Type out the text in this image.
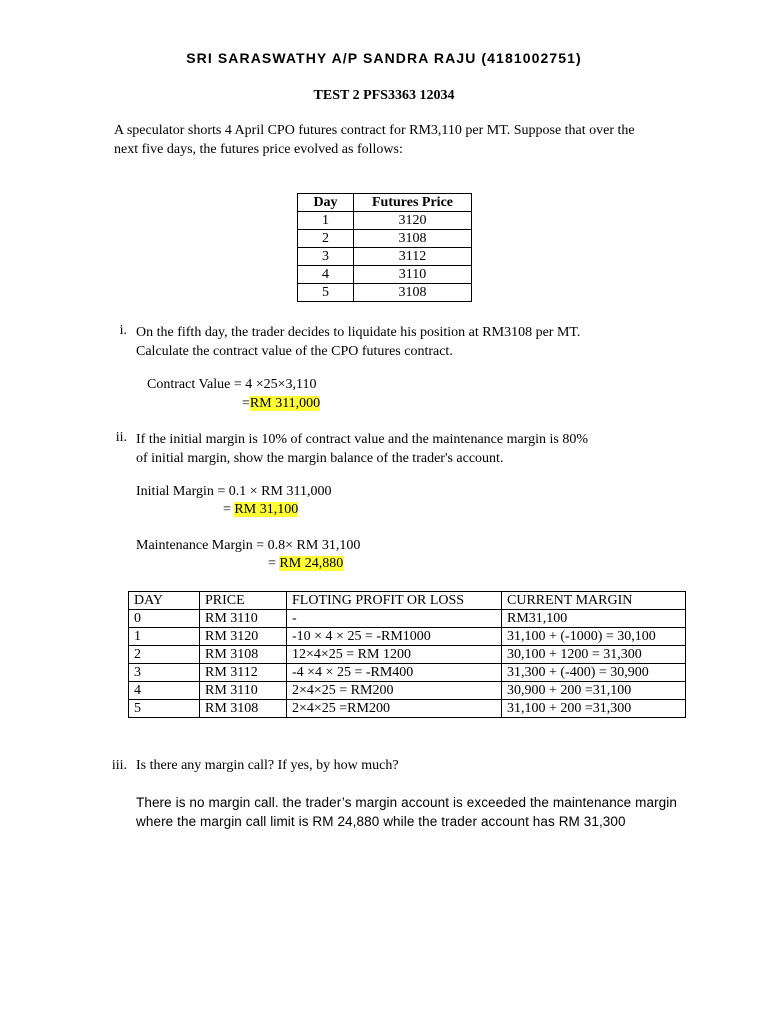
SRI SARASWATHY A/P SANDRA RAJU (4181002751)
TEST 2 PFS3363 12034
A speculator shorts 4 April CPO futures contract for RM3,110 per MT. Suppose that over the
next five days, the futures price evolved as follows:
Day	Futures Price
1	3120
2	3108
3	3112
4	3110
5	3108
i. On the fifth day, the trader decides to liquidate his position at RM3108 per MT.
Calculate the contract value of the CPO futures contract.
Contract Value = 4 ×25×3,110
=RM 311,000
ii. If the initial margin is 10% of contract value and the maintenance margin is 80%
of initial margin, show the margin balance of the trader's account.
Initial Margin = 0.1 × RM 311,000
= RM 31,100
Maintenance Margin = 0.8× RM 31,100
= RM 24,880
DAY	PRICE	FLOTING PROFIT OR LOSS	CURRENT MARGIN
0	RM 3110	-	RM31,100
1	RM 3120	-10 × 4 × 25 = -RM1000	31,100 + (-1000) = 30,100
2	RM 3108	12×4×25 = RM 1200	30,100 + 1200 = 31,300
3	RM 3112	-4 ×4 × 25 = -RM400	31,300 + (-400) = 30,900
4	RM 3110	2×4×25 = RM200	30,900 + 200 =31,100
5	RM 3108	2×4×25 =RM200	31,100 + 200 =31,300
iii. Is there any margin call? If yes, by how much?
There is no margin call. the trader’s margin account is exceeded the maintenance margin
where the margin call limit is RM 24,880 while the trader account has RM 31,300
